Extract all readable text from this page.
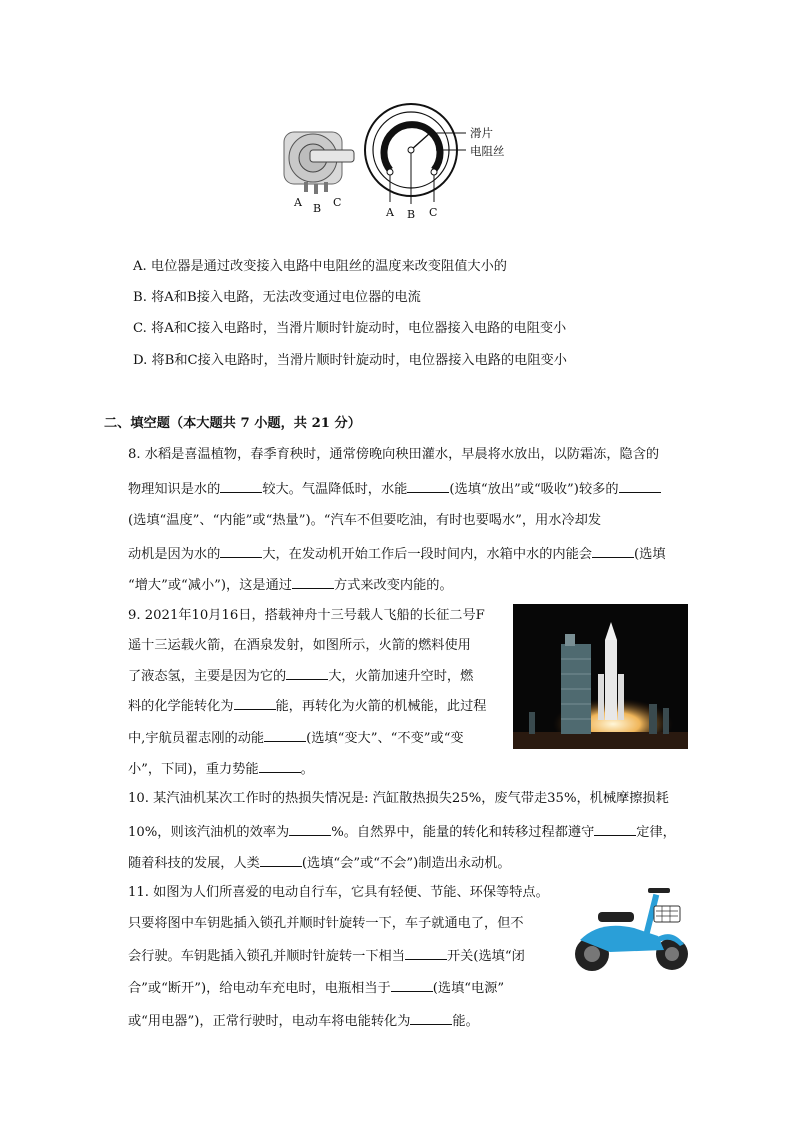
A B C
A B C
滑片
电阻丝
A. 电位器是通过改变接入电路中电阻丝的温度来改变阻值大小的
B. 将A和B接入电路，无法改变通过电位器的电流
C. 将A和C接入电路时，当滑片顺时针旋动时，电位器接入电路的电阻变小
D. 将B和C接入电路时，当滑片顺时针旋动时，电位器接入电路的电阻变小
二、填空题（本大题共 7 小题，共 21 分）
8. 水稻是喜温植物，春季育秧时，通常傍晚向秧田灌水，早晨将水放出，以防霜冻，隐含的
物理知识是水的	较大。气温降低时，水能	(选填“放出”或“吸收”)较多的
(选填“温度”、“内能”或“热量”)。“汽车不但要吃油，有时也要喝水”，用水冷却发
动机是因为水的	大，在发动机开始工作后一段时间内，水箱中水的内能会	(选填
“增大”或“减小”)，这是通过	方式来改变内能的。
9. 2021年10月16日，搭载神舟十三号载人飞船的长征二号F
遥十三运载火箭，在酒泉发射，如图所示，火箭的燃料使用
了液态氢，主要是因为它的	大，火箭加速升空时，燃
料的化学能转化为	能，再转化为火箭的机械能，此过程
中,宇航员翟志刚的动能	(选填“变大”、“不变”或“变
小”，下同)，重力势能	。
10. 某汽油机某次工作时的热损失情况是: 汽缸散热损失25%，废气带走35%，机械摩擦损耗
10%，则该汽油机的效率为	%。自然界中，能量的转化和转移过程都遵守	定律，
随着科技的发展，人类	(选填“会”或“不会”)制造出永动机。
11. 如图为人们所喜爱的电动自行车，它具有轻便、节能、环保等特点。
只要将图中车钥匙插入锁孔并顺时针旋转一下，车子就通电了，但不
会行驶。车钥匙插入锁孔并顺时针旋转一下相当	开关(选填“闭
合”或“断开”)，给电动车充电时，电瓶相当于	(选填“电源”
或“用电器”)，正常行驶时，电动车将电能转化为	能。
